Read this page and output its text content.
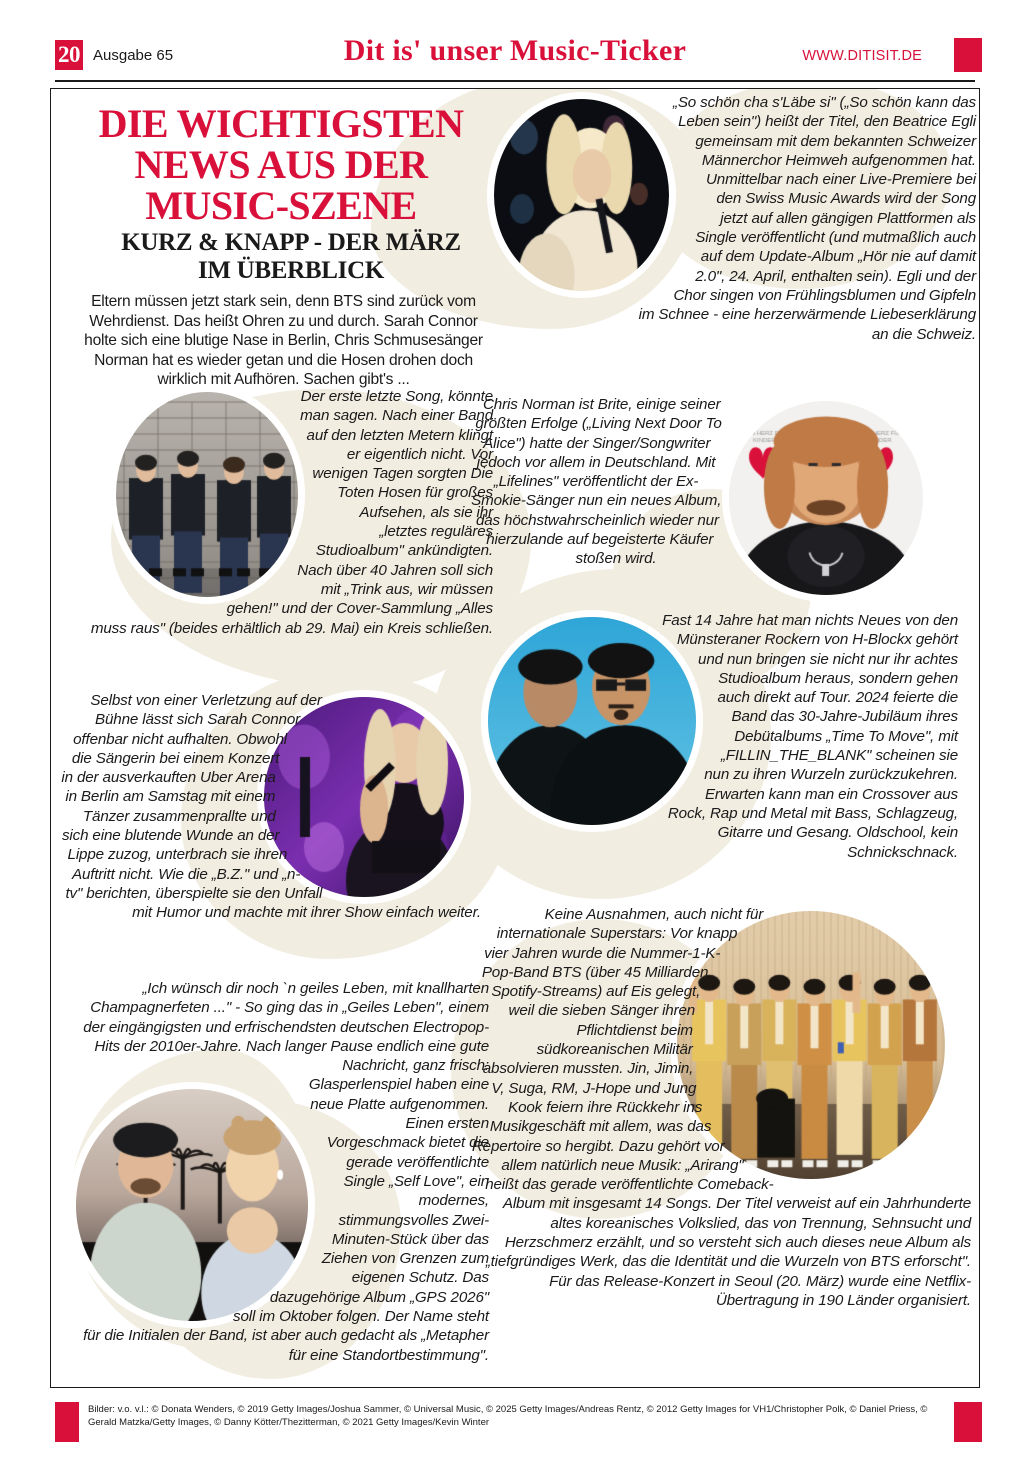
20 Ausgabe 65	Dit is' unser Music-Ticker	WWW.DITISIT.DE
DIE WICHTIGSTEN NEWS AUS DER MUSIC-SZENE
KURZ & KNAPP - DER MÄRZ IM ÜBERBLICK
Eltern müssen jetzt stark sein, denn BTS sind zurück vom Wehrdienst. Das heißt Ohren zu und durch. Sarah Connor holte sich eine blutige Nase in Berlin, Chris Schmusesänger Norman hat es wieder getan und die Hosen drohen doch wirklich mit Aufhören. Sachen gibt's ...
„So schön cha s'Läbe si" („So schön kann das Leben sein") heißt der Titel, den Beatrice Egli gemeinsam mit dem bekannten Schweizer Männerchor Heimweh aufgenommen hat. Unmittelbar nach einer Live-Premiere bei den Swiss Music Awards wird der Song jetzt auf allen gängigen Plattformen als Single veröffentlicht (und mutmaßlich auch auf dem Update-Album „Hör nie auf damit 2.0", 24. April, enthalten sein). Egli und der Chor singen von Frühlingsblumen und Gipfeln im Schnee - eine herzerwärmende Liebeserklärung an die Schweiz.
Der erste letzte Song, könnte man sagen. Nach einer Band auf den letzten Metern klingt er eigentlich nicht. Vor wenigen Tagen sorgten Die Toten Hosen für großes Aufsehen, als sie ihr „letztes reguläres Studioalbum" ankündigten. Nach über 40 Jahren soll sich mit „Trink aus, wir müssen gehen!" und der Cover-Sammlung „Alles muss raus" (beides erhältlich ab 29. Mai) ein Kreis schließen.
Chris Norman ist Brite, einige seiner größten Erfolge („Living Next Door To Alice") hatte der Singer/Songwriter jedoch vor allem in Deutschland. Mit „Lifelines" veröffentlicht der Ex-Smokie-Sänger nun ein neues Album, das höchstwahrscheinlich wieder nur hierzulande auf begeisterte Käufer stoßen wird.
Fast 14 Jahre hat man nichts Neues von den Münsteraner Rockern von H-Blockx gehört und nun bringen sie nicht nur ihr achtes Studioalbum heraus, sondern gehen auch direkt auf Tour. 2024 feierte die Band das 30-Jahre-Jubiläum ihres Debütalbums „Time To Move", mit „FILLIN_THE_BLANK" scheinen sie nun zu ihren Wurzeln zurückzukehren. Erwarten kann man ein Crossover aus Rock, Rap und Metal mit Bass, Schlagzeug, Gitarre und Gesang. Oldschool, kein Schnickschnack.
Selbst von einer Verletzung auf der Bühne lässt sich Sarah Connor offenbar nicht aufhalten. Obwohl die Sängerin bei einem Konzert in der ausverkauften Uber Arena in Berlin am Samstag mit einem Tänzer zusammenprallte und sich eine blutende Wunde an der Lippe zuzog, unterbrach sie ihren Auftritt nicht. Wie die „B.Z." und „n-tv" berichten, überspielte sie den Unfall mit Humor und machte mit ihrer Show einfach weiter.
„Ich wünsch dir noch `n geiles Leben, mit knallharten Champagnerfeten ..." - So ging das in „Geiles Leben", einem der eingängigsten und erfrischendsten deutschen Electropop-Hits der 2010er-Jahre. Nach langer Pause endlich eine gute Nachricht, ganz frisch: Glasperlenspiel haben eine neue Platte aufgenommen. Einen ersten Vorgeschmack bietet die gerade veröffentlichte Single „Self Love", ein modernes, stimmungsvolles Zwei-Minuten-Stück über das Ziehen von Grenzen zum eigenen Schutz. Das dazugehörige Album „GPS 2026" soll im Oktober folgen. Der Name steht für die Initialen der Band, ist aber auch gedacht als „Metapher für eine Standortbestimmung".
Keine Ausnahmen, auch nicht für internationale Superstars: Vor knapp vier Jahren wurde die Nummer-1-K-Pop-Band BTS (über 45 Milliarden Spotify-Streams) auf Eis gelegt, weil die sieben Sänger ihren Pflichtdienst beim südkoreanischen Militär absolvieren mussten. Jin, Jimin, V, Suga, RM, J-Hope und Jung Kook feiern ihre Rückkehr ins Musikgeschäft mit allem, was das Repertoire so hergibt. Dazu gehört vor allem natürlich neue Musik: „Arirang" heißt das gerade veröffentlichte Comeback-Album mit insgesamt 14 Songs. Der Titel verweist auf ein Jahrhunderte altes koreanisches Volkslied, das von Trennung, Sehnsucht und Herzschmerz erzählt, und so versteht sich auch dieses neue Album als „tiefgründiges Werk, das die Identität und die Wurzeln von BTS erforscht". Für das Release-Konzert in Seoul (20. März) wurde eine Netflix-Übertragung in 190 Länder organisiert.
Bilder: v.o. v.l.: © Donata Wenders, © 2019 Getty Images/Joshua Sammer, © Universal Music, © 2025 Getty Images/Andreas Rentz, © 2012 Getty Images for VH1/Christopher Polk, © Daniel Priess, © Gerald Matzka/Getty Images, © Danny Kötter/Thezitterman, © 2021 Getty Images/Kevin Winter
